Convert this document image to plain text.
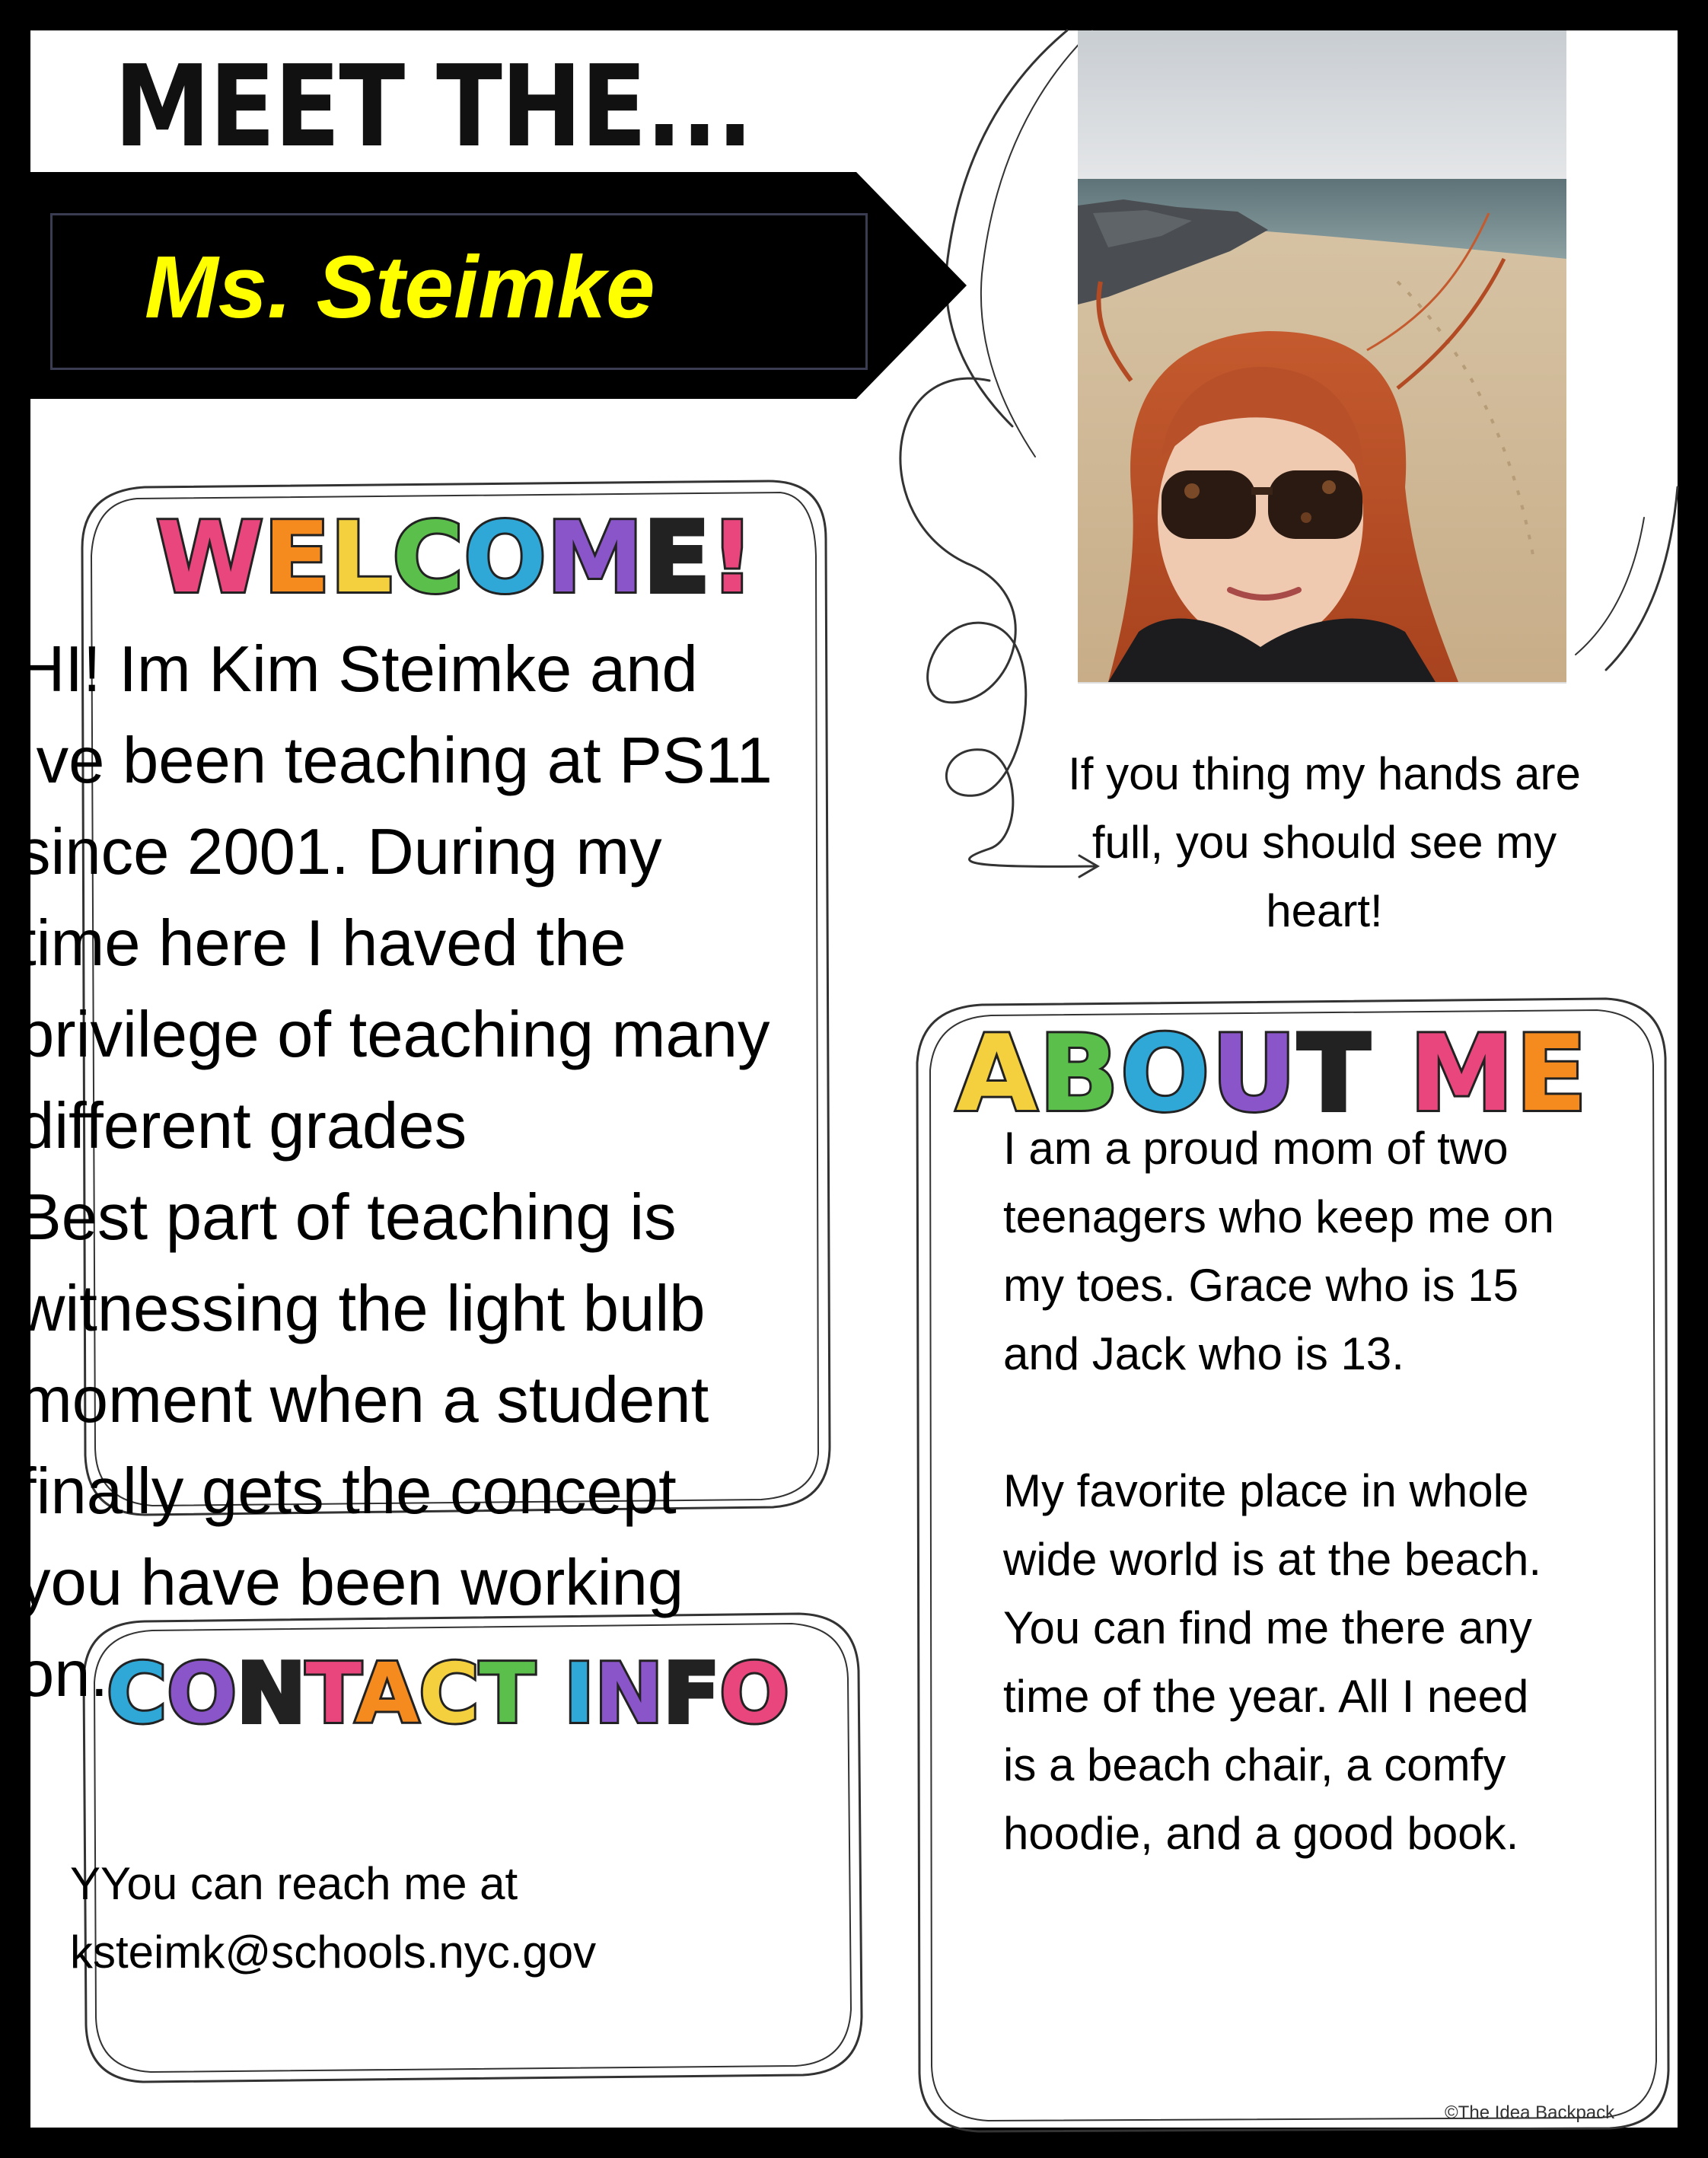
MEET THE...
Ms. Steimke

WELCOME!

If you thing my hands are full, you should see my heart!

ABOUT ME

CONTACT INFO

HI! Im Kim Steimke and
Ive been teaching at PS11
since 2001. During my
time here I haved the
privilege of teaching many
different grades
Best part of teaching is
witnessing the light bulb
moment when a student
finally gets the concept
you have been working
on.

I am a proud mom of two
teenagers who keep me on
my toes. Grace who is 15
and Jack who is 13.

My favorite place in whole
wide world is at the beach.
You can find me there any
time of the year. All I need
is a beach chair, a comfy
hoodie, and a good book.

YYou can reach me at
ksteimk@schools.nyc.gov

©The Idea Backpack
